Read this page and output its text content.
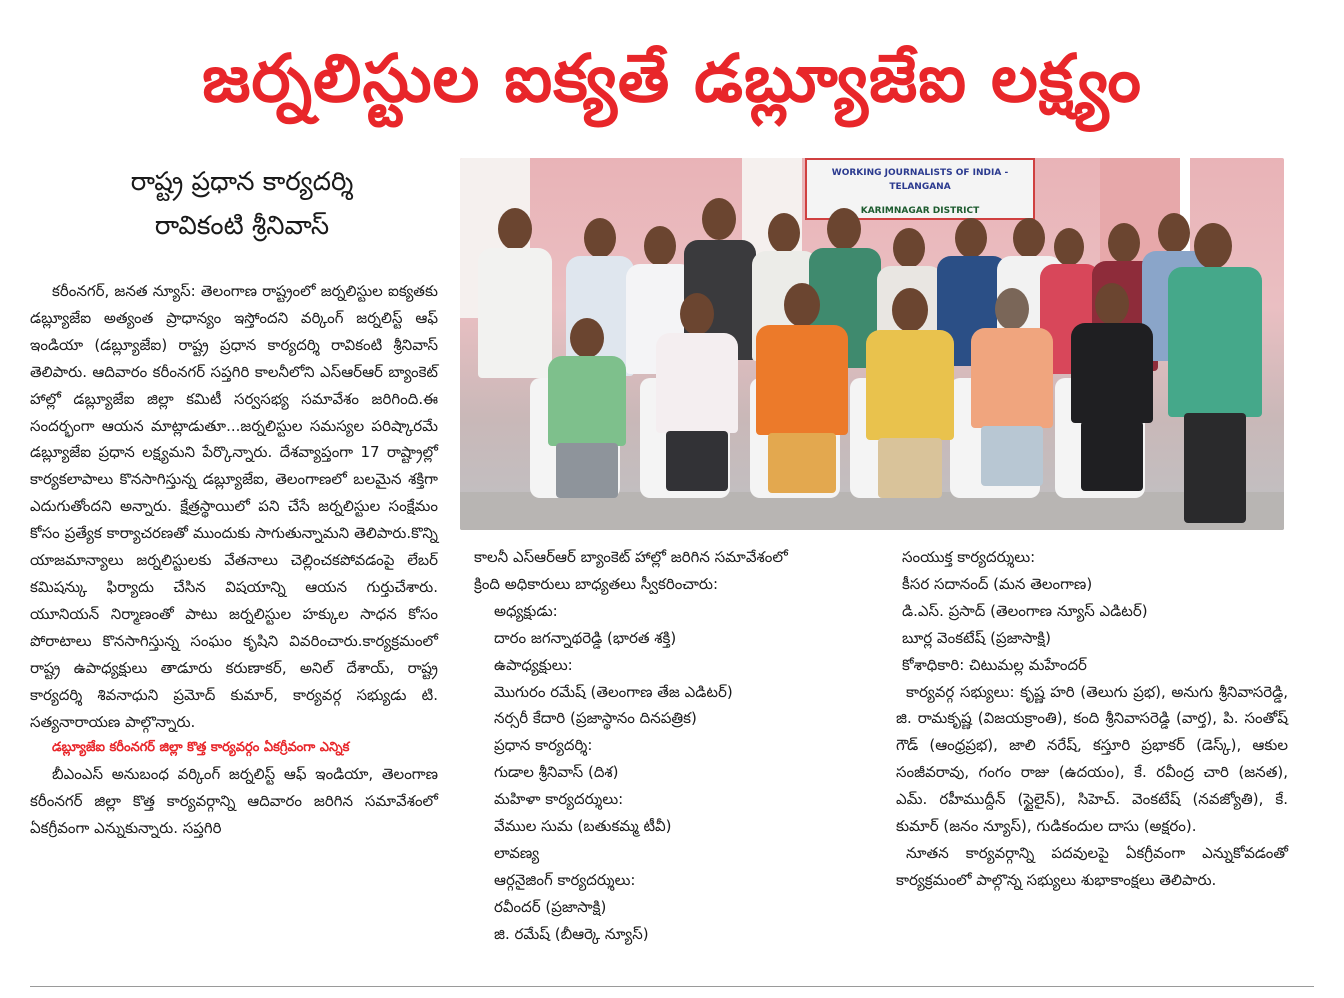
జర్నలిస్టుల ఐక్యతే డబ్ల్యూజేఐ లక్ష్యం
రాష్ట్ర ప్రధాన కార్యదర్శి
రావికంటి శ్రీనివాస్

కరీంనగర్, జనత న్యూస్: తెలంగాణ రాష్ట్రంలో జర్నలిస్టుల ఐక్యతకు డబ్ల్యూజేఐ అత్యంత ప్రాధాన్యం ఇస్తోందని వర్కింగ్ జర్నలిస్ట్ ఆఫ్ ఇండియా (డబ్ల్యూజేఐ) రాష్ట్ర ప్రధాన కార్యదర్శి రావికంటి శ్రీనివాస్ తెలిపారు. ఆదివారం కరీంనగర్ సప్తగిరి కాలనీలోని ఎస్ఆర్ఆర్ బ్యాంకెట్ హాల్లో డబ్ల్యూజేఐ జిల్లా కమిటీ సర్వసభ్య సమావేశం జరిగింది.ఈ సందర్భంగా ఆయన మాట్లాడుతూ...జర్నలిస్టుల సమస్యల పరిష్కారమే డబ్ల్యూజేఐ ప్రధాన లక్ష్యమని పేర్కొన్నారు. దేశవ్యాప్తంగా 17 రాష్ట్రాల్లో కార్యకలాపాలు కొనసాగిస్తున్న డబ్ల్యూజేఐ, తెలంగాణలో బలమైన శక్తిగా ఎదుగుతోందని అన్నారు. క్షేత్రస్థాయిలో పని చేసే జర్నలిస్టుల సంక్షేమం కోసం ప్రత్యేక కార్యాచరణతో ముందుకు సాగుతున్నామని తెలిపారు.కొన్ని యాజమాన్యాలు జర్నలిస్టులకు వేతనాలు చెల్లించకపోవడంపై లేబర్ కమిషన్కు ఫిర్యాదు చేసిన విషయాన్ని ఆయన గుర్తుచేశారు. యూనియన్ నిర్మాణంతో పాటు జర్నలిస్టుల హక్కుల సాధన కోసం పోరాటాలు కొనసాగిస్తున్న సంఘం కృషిని వివరించారు.కార్యక్రమంలో రాష్ట్ర ఉపాధ్యక్షులు తాడూరు కరుణాకర్, అనిల్ దేశాయ్, రాష్ట్ర కార్యదర్శి శివనాధుని ప్రమోద్ కుమార్, కార్యవర్గ సభ్యుడు టి. సత్యనారాయణ పాల్గొన్నారు.

డబ్ల్యూజేఐ కరీంనగర్ జిల్లా కొత్త కార్యవర్గం ఏకగ్రీవంగా ఎన్నిక

బీఎంఎస్ అనుబంధ వర్కింగ్ జర్నలిస్ట్ ఆఫ్ ఇండియా, తెలంగాణ కరీంనగర్ జిల్లా కొత్త కార్యవర్గాన్ని ఆదివారం జరిగిన సమావేశంలో ఏకగ్రీవంగా ఎన్నుకున్నారు. సప్తగిరి

WORKING JOURNALISTS OF INDIA - TELANGANA
KARIMNAGAR DISTRICT

కాలనీ ఎస్ఆర్ఆర్ బ్యాంకెట్ హాల్లో జరిగిన సమావేశంలో

క్రింది అధికారులు బాధ్యతలు స్వీకరించారు:

అధ్యక్షుడు:

దారం జగన్నాథరెడ్డి (భారత శక్తి)

ఉపాధ్యక్షులు:

మొగురం రమేష్ (తెలంగాణ తేజ ఎడిటర్)

నర్సరీ కేదారి (ప్రజాస్థానం దినపత్రిక)

ప్రధాన కార్యదర్శి:

గుడాల శ్రీనివాస్ (దిశ)

మహిళా కార్యదర్శులు:

వేముల సుమ (బతుకమ్మ టీవీ)

లావణ్య

ఆర్గనైజింగ్ కార్యదర్శులు:

రవీందర్ (ప్రజాసాక్షి)

జి. రమేష్ (బీఆర్కె న్యూస్)

సంయుక్త కార్యదర్శులు:

కీసర సదానంద్ (మన తెలంగాణ)

డి.ఎస్. ప్రసాద్ (తెలంగాణ న్యూస్ ఎడిటర్)

బూర్ల వెంకటేష్ (ప్రజాసాక్షి)

కోశాధికారి: చిటుమల్ల మహేందర్

కార్యవర్గ సభ్యులు: కృష్ణ హరి (తెలుగు ప్రభ), అనుగు శ్రీనివాసరెడ్డి, జి. రామకృష్ణ (విజయక్రాంతి), కంది శ్రీనివాసరెడ్డి (వార్త), పి. సంతోష్ గౌడ్ (ఆంధ్రప్రభ), జాలి నరేష్, కస్తూరి ప్రభాకర్ (డెస్క్), ఆకుల సంజీవరావు, గంగం రాజు (ఉదయం), కే. రవీంద్ర చారి (జనత), ఎమ్. రహీముద్దీన్ (స్టైలైన్), సిహెచ్. వెంకటేష్ (నవజ్యోతి), కే. కుమార్ (జనం న్యూస్), గుడికందుల దాసు (అక్షరం).

నూతన కార్యవర్గాన్ని పదవులపై ఏకగ్రీవంగా ఎన్నుకోవడంతో కార్యక్రమంలో పాల్గొన్న సభ్యులు శుభాకాంక్షలు తెలిపారు.
